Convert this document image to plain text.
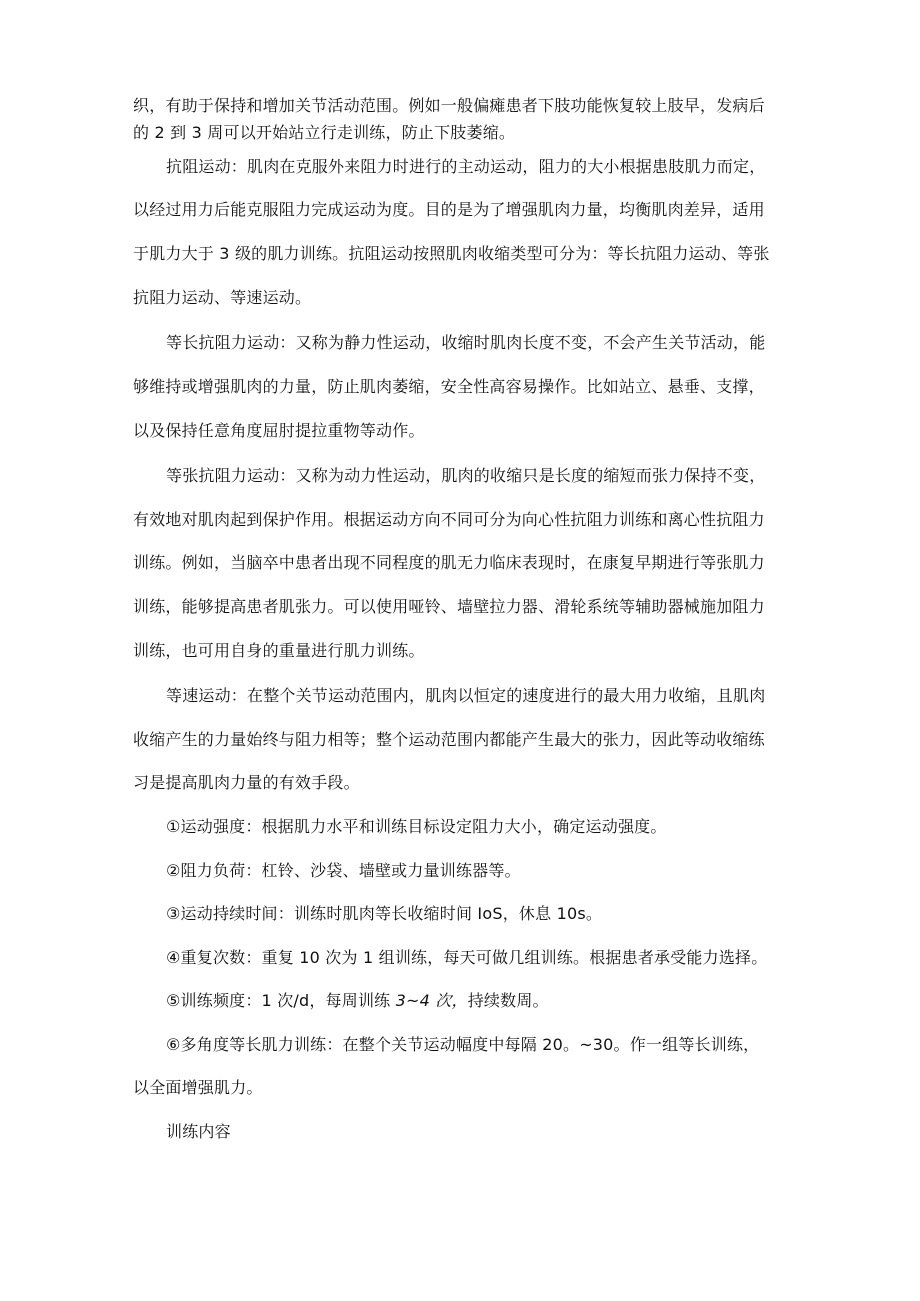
织，有助于保持和增加关节活动范围。例如一般偏瘫患者下肢功能恢复较上肢早，发病后
的 2 到 3 周可以开始站立行走训练，防止下肢萎缩。
抗阻运动：肌肉在克服外来阻力时进行的主动运动，阻力的大小根据患肢肌力而定，
以经过用力后能克服阻力完成运动为度。目的是为了增强肌肉力量，均衡肌肉差异，适用
于肌力大于 3 级的肌力训练。抗阻运动按照肌肉收缩类型可分为：等长抗阻力运动、等张
抗阻力运动、等速运动。
等长抗阻力运动：又称为静力性运动，收缩时肌肉长度不变，不会产生关节活动，能
够维持或增强肌肉的力量，防止肌肉萎缩，安全性高容易操作。比如站立、悬垂、支撑，
以及保持任意角度屈肘提拉重物等动作。
等张抗阻力运动：又称为动力性运动，肌肉的收缩只是长度的缩短而张力保持不变，
有效地对肌肉起到保护作用。根据运动方向不同可分为向心性抗阻力训练和离心性抗阻力
训练。例如，当脑卒中患者出现不同程度的肌无力临床表现时，在康复早期进行等张肌力
训练，能够提高患者肌张力。可以使用哑铃、墙壁拉力器、滑轮系统等辅助器械施加阻力
训练，也可用自身的重量进行肌力训练。
等速运动：在整个关节运动范围内，肌肉以恒定的速度进行的最大用力收缩，且肌肉
收缩产生的力量始终与阻力相等；整个运动范围内都能产生最大的张力，因此等动收缩练
习是提高肌肉力量的有效手段。
①运动强度：根据肌力水平和训练目标设定阻力大小，确定运动强度。
②阻力负荷：杠铃、沙袋、墙壁或力量训练器等。
③运动持续时间：训练时肌肉等长收缩时间 IoS，休息 10s。
④重复次数：重复 10 次为 1 组训练，每天可做几组训练。根据患者承受能力选择。
⑤训练频度：1 次/d，每周训练 3~4 次，持续数周。
⑥多角度等长肌力训练：在整个关节运动幅度中每隔 20。~30。作一组等长训练，
以全面增强肌力。
训练内容
